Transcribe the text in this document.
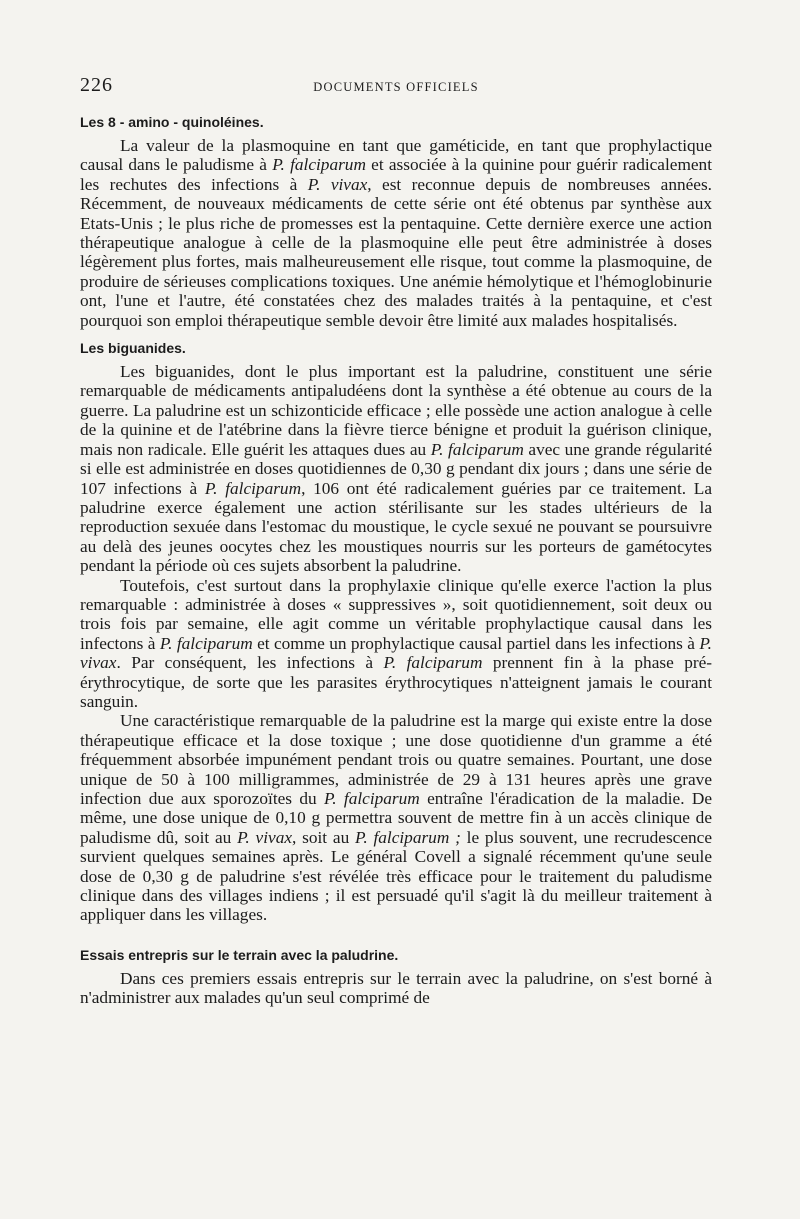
226	DOCUMENTS OFFICIELS
Les 8 - amino - quinoléines.

La valeur de la plasmoquine en tant que gaméticide, en tant que prophylactique causal dans le paludisme à P. falciparum et associée à la quinine pour guérir radicalement les rechutes des infections à P. vivax, est reconnue depuis de nombreuses années. Récemment, de nouveaux médicaments de cette série ont été obtenus par synthèse aux Etats-Unis ; le plus riche de promesses est la pentaquine. Cette dernière exerce une action thérapeutique analogue à celle de la plasmoquine elle peut être administrée à doses légèrement plus fortes, mais malheureusement elle risque, tout comme la plasmoquine, de produire de sérieuses complications toxiques. Une anémie hémolytique et l'hémoglobinurie ont, l'une et l'autre, été constatées chez des malades traités à la pentaquine, et c'est pourquoi son emploi thérapeutique semble devoir être limité aux malades hospitalisés.

Les biguanides.

Les biguanides, dont le plus important est la paludrine, constituent une série remarquable de médicaments antipaludéens dont la synthèse a été obtenue au cours de la guerre. La paludrine est un schizonticide efficace ; elle possède une action analogue à celle de la quinine et de l'atébrine dans la fièvre tierce bénigne et produit la guérison clinique, mais non radicale. Elle guérit les attaques dues au P. falciparum avec une grande régularité si elle est administrée en doses quotidiennes de 0,30 g pendant dix jours ; dans une série de 107 infections à P. falciparum, 106 ont été radicalement guéries par ce traitement. La paludrine exerce également une action stérilisante sur les stades ultérieurs de la reproduction sexuée dans l'estomac du moustique, le cycle sexué ne pouvant se poursuivre au delà des jeunes oocytes chez les moustiques nourris sur les porteurs de gamétocytes pendant la période où ces sujets absorbent la paludrine.

Toutefois, c'est surtout dans la prophylaxie clinique qu'elle exerce l'action la plus remarquable : administrée à doses « suppressives », soit quotidiennement, soit deux ou trois fois par semaine, elle agit comme un véritable prophylactique causal dans les infectons à P. falciparum et comme un prophylactique causal partiel dans les infections à P. vivax. Par conséquent, les infections à P. falciparum prennent fin à la phase pré-érythrocytique, de sorte que les parasites érythrocytiques n'atteignent jamais le courant sanguin.

Une caractéristique remarquable de la paludrine est la marge qui existe entre la dose thérapeutique efficace et la dose toxique ; une dose quotidienne d'un gramme a été fréquemment absorbée impunément pendant trois ou quatre semaines. Pourtant, une dose unique de 50 à 100 milligrammes, administrée de 29 à 131 heures après une grave infection due aux sporozoïtes du P. falciparum entraîne l'éradication de la maladie. De même, une dose unique de 0,10 g permettra souvent de mettre fin à un accès clinique de paludisme dû, soit au P. vivax, soit au P. falciparum ; le plus souvent, une recrudescence survient quelques semaines après. Le général Covell a signalé récemment qu'une seule dose de 0,30 g de paludrine s'est révélée très efficace pour le traitement du paludisme clinique dans des villages indiens ; il est persuadé qu'il s'agit là du meilleur traitement à appliquer dans les villages.

Essais entrepris sur le terrain avec la paludrine.

Dans ces premiers essais entrepris sur le terrain avec la paludrine, on s'est borné à n'administrer aux malades qu'un seul comprimé de
